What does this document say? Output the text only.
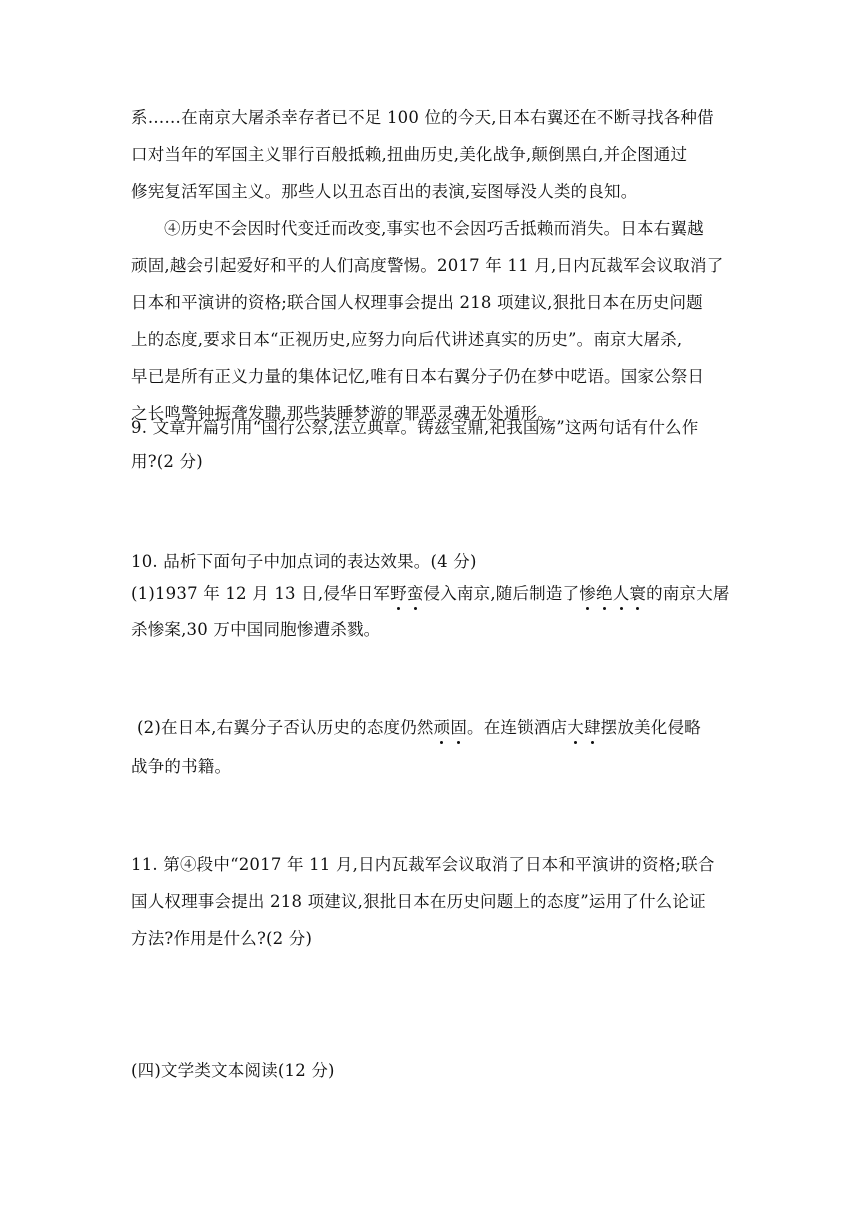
系……在南京大屠杀幸存者已不足 100 位的今天,日本右翼还在不断寻找各种借
口对当年的军国主义罪行百般抵赖,扭曲历史,美化战争,颠倒黑白,并企图通过
修宪复活军国主义。那些人以丑态百出的表演,妄图辱没人类的良知。
④历史不会因时代变迁而改变,事实也不会因巧舌抵赖而消失。日本右翼越
顽固,越会引起爱好和平的人们高度警惕。2017 年 11 月,日内瓦裁军会议取消了
日本和平演讲的资格;联合国人权理事会提出 218 项建议,狠批日本在历史问题
上的态度,要求日本“正视历史,应努力向后代讲述真实的历史”。南京大屠杀,
早已是所有正义力量的集体记忆,唯有日本右翼分子仍在梦中呓语。国家公祭日
之长鸣警钟振聋发聩,那些装睡梦游的罪恶灵魂无处遁形。
9. 文章开篇引用“国行公祭,法立典章。铸兹宝鼎,祀我国殇”这两句话有什么作
用?(2 分)
10. 品析下面句子中加点词的表达效果。(4 分)
(1)1937 年 12 月 13 日,侵华日军野蛮侵入南京,随后制造了惨绝人寰的南京大屠
杀惨案,30 万中国同胞惨遭杀戮。
(2)在日本,右翼分子否认历史的态度仍然顽固。在连锁酒店大肆摆放美化侵略
战争的书籍。
11. 第④段中“2017 年 11 月,日内瓦裁军会议取消了日本和平演讲的资格;联合
国人权理事会提出 218 项建议,狠批日本在历史问题上的态度”运用了什么论证
方法?作用是什么?(2 分)
(四)文学类文本阅读(12 分)
